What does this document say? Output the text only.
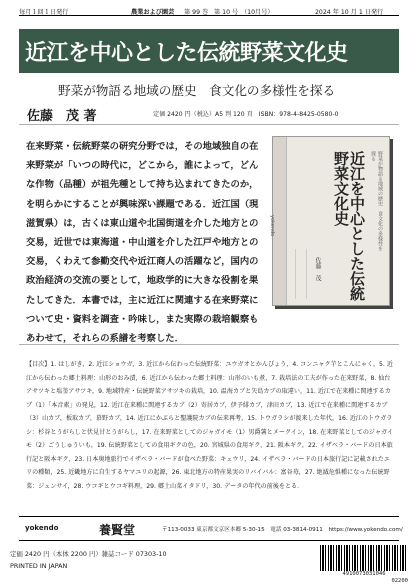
毎月１回１日発行	農業および園芸 第 99 巻 第 10 号 （10月号）	2024 年 10 月 1 日発行
近江を中心とした伝統野菜文化史
野菜が物語る地域の歴史　食文化の多様性を探る
佐藤　茂 著	定価 2420 円（税込）A5 判 120 頁　ISBN：978-4-8425-0580-0

在来野菜・伝統野菜の研究分野では，その地域独自の在

来野菜が「いつの時代に，どこから，誰によって，どん

な作物（品種）が祖先種として持ち込まれてきたのか，

を明らかにすることが興味深い課題である．近江国（現

滋賀県）は，古くは東山道や北国街道を介した地方との

交易，近世では東海道・中山道を介した江戸や地方との

交易，くわえて参勤交代や近江商人の活躍など，国内の

政治経済の交流の要として，地政学的に大きな役割を果

たしてきた．本書では，主に近江に関連する在来野菜に

ついて史・資料を調査・吟味し，また実際の栽培観察も

あわせて，それらの系譜を考察した．

yokendo	野菜が物語る地域の歴史　食文化の多様性を探る
近江を中心とした伝統野菜文化史
佐藤　茂
【目次】1. はしがき，2. 近江ショウガ，3. 近江から伝わった伝統野菜：ユウガオとかんぴょう，4. コンニャク芋とこんにゃく，5. 近江から伝わった郷土料理：山形のおみ漬，6. 近江から伝わった郷土料理：山形のいも煮，7. 栽培法の工夫が作った在来野菜，8. 仙台アサツキと塩釜アサツキ，9. 地域特産・伝統野菜アサツキの栽培，10. 温海カブと矢島カブの取違い，11. 近江で在来種に関連するカブ（1）「本音素」の発見，12. 近江在来種に関連するカブ（2）寄居カブ，伊予緋カブ，津田カブ，13. 近江で在来種に関連するカブ（3）山カブ，板取カブ，慕野カブ，14. 近江にかぶらと聖護院カブの伝来再考，15. トウガラシが渡来した年代，16. 近江のトウガラシ：杉谷とうがらしと伏見甘とうがらし，17. 在来野菜としてのジャガイモ（1）男爵薯とメークイン，18. 在来野菜としてのジャガイモ（2）ごうしゅういも，19. 伝統野菜としての食用ギクの色，20. 宮城県の食用ギク，21. 阪本ギク，22. イザベラ・バードの日本旅行記と阪本ギク，23. 日本奥地旅行でイザベラ・バードが食べた野菜：キュウリ，24. イザベラ・バードの日本旅行記に記載されたエリの種類，25. 近畿地方に自生するヤマユリの起源，26. 東北地方の特産果実のリバイバル：富谷苺，27. 絶滅危惧種になった伝統野菜：ジュンサイ，28. ウコギとウコギ料理，29. 郷土山菜イタドリ，30. データの年代の前後をとる．
yokendo	養賢堂	〒113-0033 東京都文京区本郷 5-30-15　電話 03-3814-0911　https://www.yokendo.com/
定価 2420 円（本体 2200 円）雑誌コード 07303-10
PRINTED IN JAPAN
4910073031046
02200
